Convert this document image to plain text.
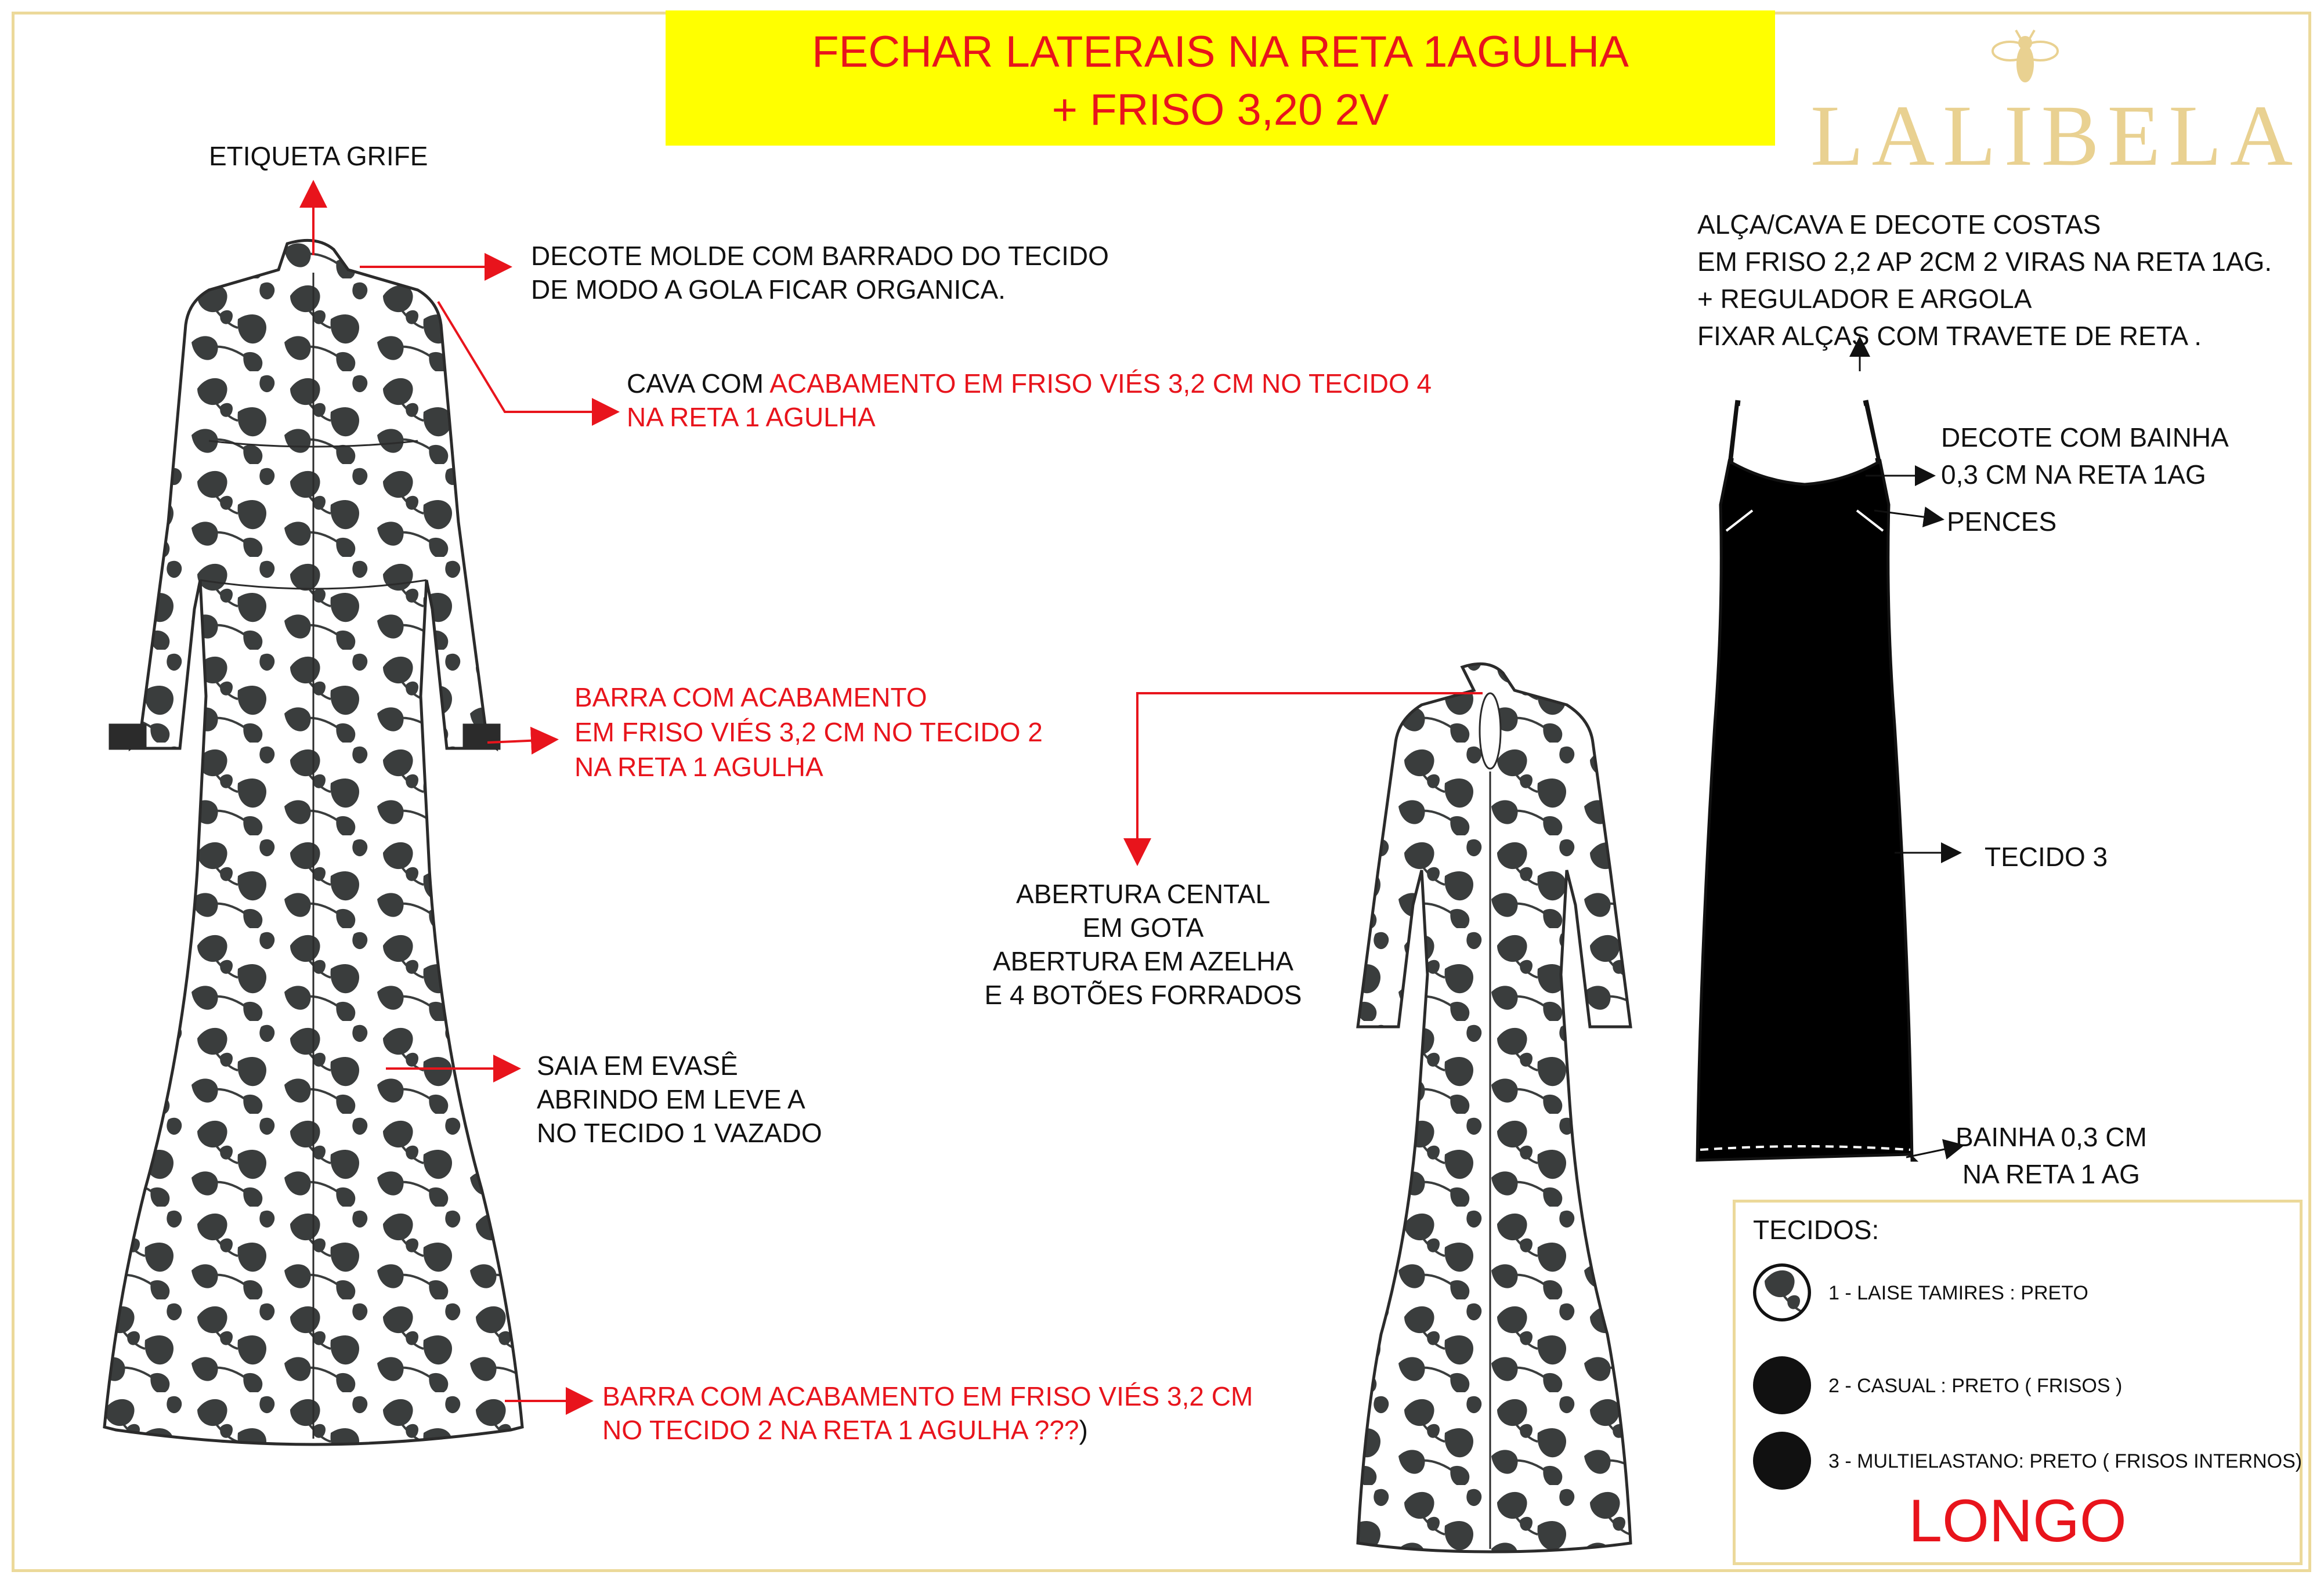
FECHAR LATERAIS NA RETA 1AGULHA
+ FRISO 3,20 2V	LALIBELA
ETIQUETA GRIFE
DECOTE MOLDE COM BARRADO DO TECIDO
DE MODO A GOLA FICAR ORGANICA.
CAVA COM ACABAMENTO EM FRISO VIÉS 3,2 CM NO TECIDO 4
NA RETA 1 AGULHA
BARRA COM ACABAMENTO
EM FRISO VIÉS 3,2 CM NO TECIDO 2
NA RETA 1 AGULHA
SAIA EM EVASÊ
ABRINDO EM LEVE A
NO TECIDO 1 VAZADO
BARRA COM ACABAMENTO EM FRISO VIÉS 3,2 CM
NO TECIDO 2 NA RETA 1 AGULHA ???)
ABERTURA CENTAL
EM GOTA
ABERTURA EM AZELHA
E 4 BOTÕES FORRADOS
ALÇA/CAVA E DECOTE COSTAS
EM FRISO 2,2 AP 2CM 2 VIRAS NA RETA 1AG.
+ REGULADOR E ARGOLA
FIXAR ALÇAS COM TRAVETE DE RETA .
DECOTE COM BAINHA
0,3 CM NA RETA 1AG
PENCES
TECIDO 3
BAINHA 0,3 CM
NA RETA 1 AG
TECIDOS:
1 - LAISE TAMIRES : PRETO
2 - CASUAL : PRETO ( FRISOS )
3 - MULTIELASTANO: PRETO ( FRISOS INTERNOS)
LONGO
